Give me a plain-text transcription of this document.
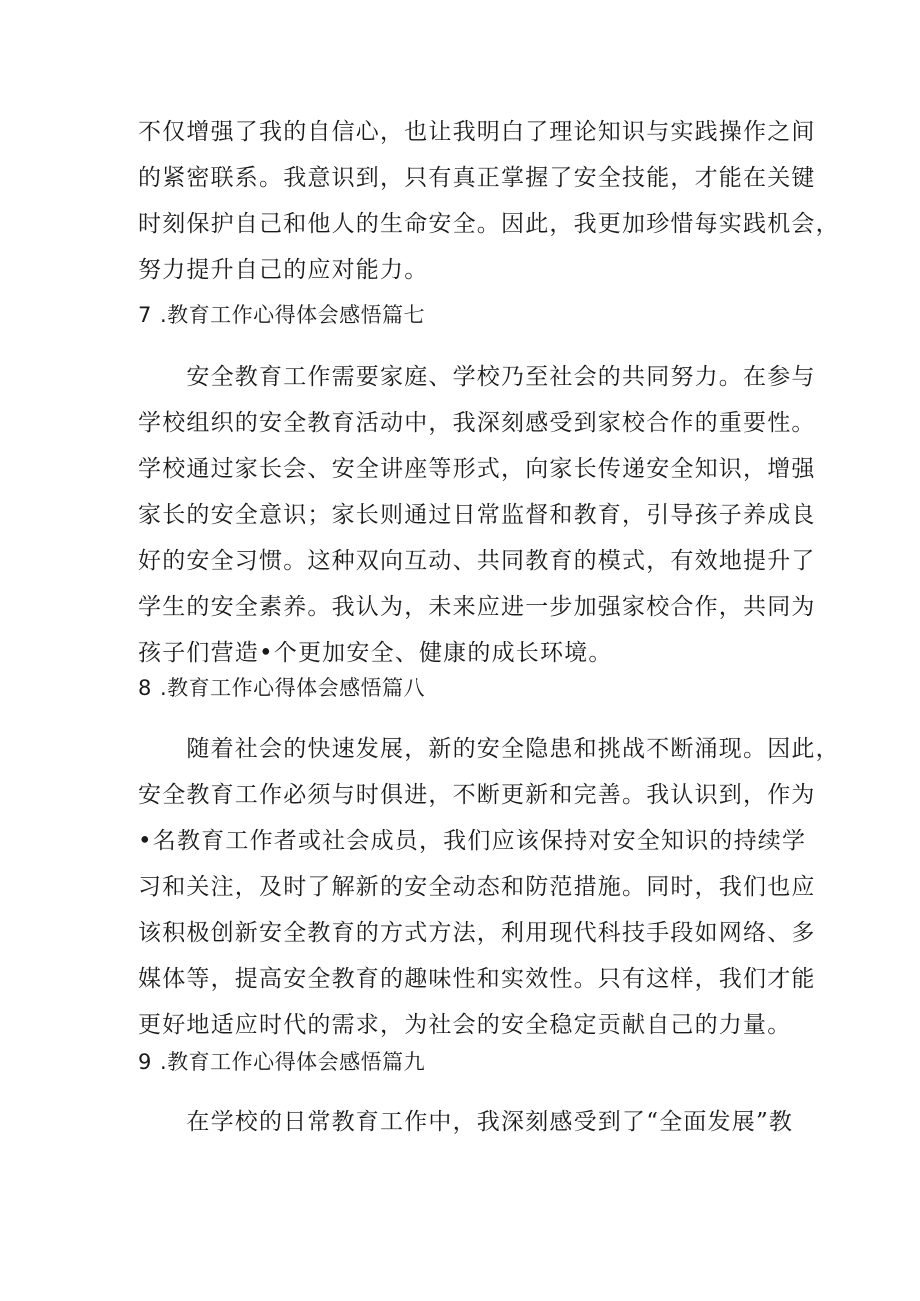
不仅增强了我的自信心，也让我明白了理论知识与实践操作之间

的紧密联系。我意识到，只有真正掌握了安全技能，才能在关键

时刻保护自己和他人的生命安全。因此，我更加珍惜每实践机会，

努力提升自己的应对能力。

7 .教育工作心得体会感悟篇七

　　安全教育工作需要家庭、学校乃至社会的共同努力。在参与

学校组织的安全教育活动中，我深刻感受到家校合作的重要性。

学校通过家长会、安全讲座等形式，向家长传递安全知识，增强

家长的安全意识；家长则通过日常监督和教育，引导孩子养成良

好的安全习惯。这种双向互动、共同教育的模式，有效地提升了

学生的安全素养。我认为，未来应进一步加强家校合作，共同为

孩子们营造•个更加安全、健康的成长环境。

8 .教育工作心得体会感悟篇八

　　随着社会的快速发展，新的安全隐患和挑战不断涌现。因此，

安全教育工作必须与时俱进，不断更新和完善。我认识到，作为

•名教育工作者或社会成员，我们应该保持对安全知识的持续学

习和关注，及时了解新的安全动态和防范措施。同时，我们也应

该积极创新安全教育的方式方法，利用现代科技手段如网络、多

媒体等，提高安全教育的趣味性和实效性。只有这样，我们才能

更好地适应时代的需求，为社会的安全稳定贡献自己的力量。

9 .教育工作心得体会感悟篇九

　　在学校的日常教育工作中，我深刻感受到了“全面发展”教
